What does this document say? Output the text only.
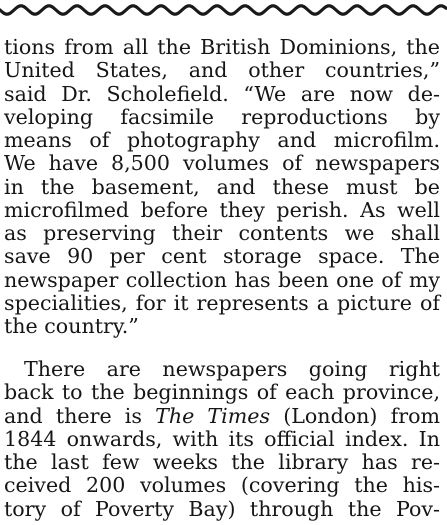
tions from all the British Dominions, the
United States, and other countries,”
said Dr. Scholefield. “We are now de-
veloping facsimile reproductions by
means of photography and microfilm.
We have 8,500 volumes of newspapers
in the basement, and these must be
microfilmed before they perish. As well
as preserving their contents we shall
save 90 per cent storage space. The
newspaper collection has been one of my
specialities, for it represents a picture of
the country.”
There are newspapers going right
back to the beginnings of each province,
and there is The Times (London) from
1844 onwards, with its official index. In
the last few weeks the library has re-
ceived 200 volumes (covering the his-
tory of Poverty Bay) through the Pov-
